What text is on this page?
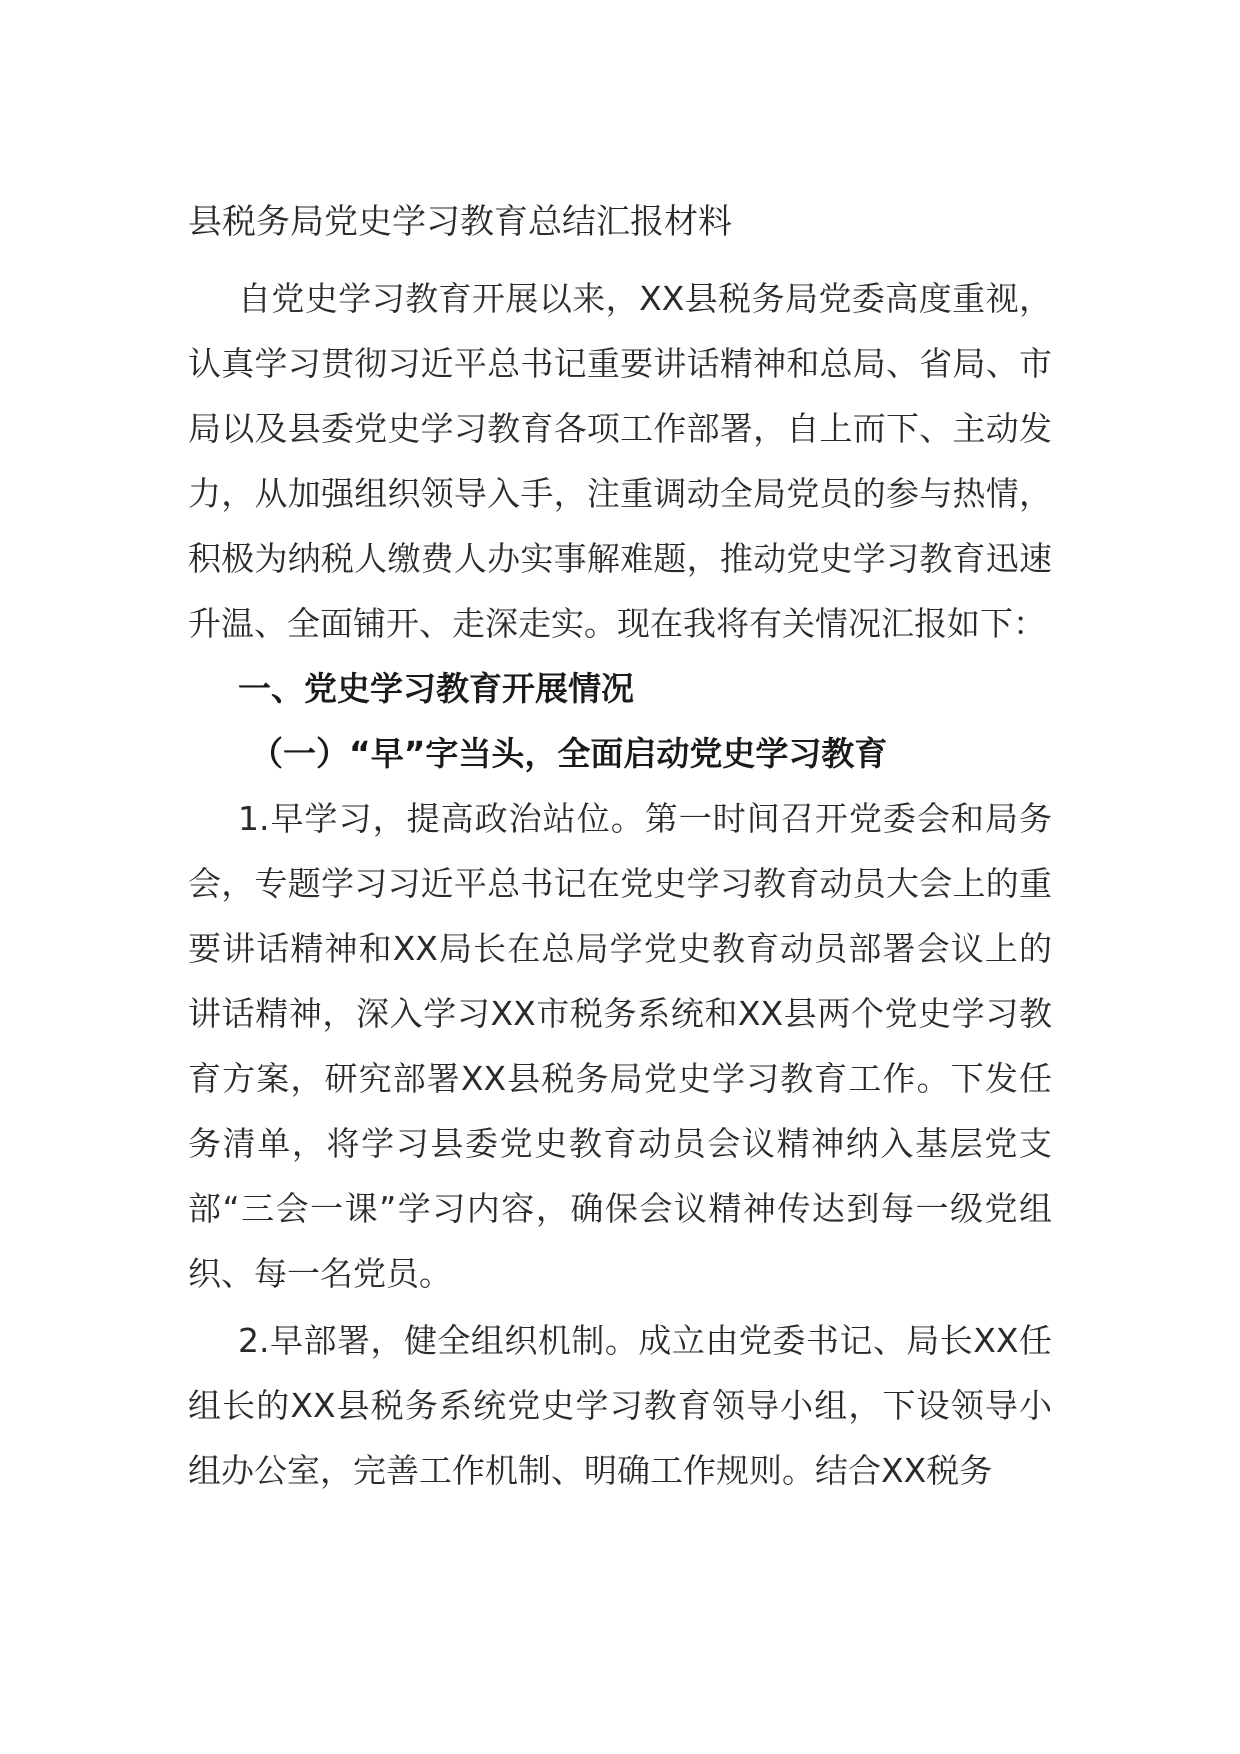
县税务局党史学习教育总结汇报材料

自党史学习教育开展以来，XX县税务局党委高度重视，认真学习贯彻习近平总书记重要讲话精神和总局、省局、市局以及县委党史学习教育各项工作部署，自上而下、主动发力，从加强组织领导入手，注重调动全局党员的参与热情，积极为纳税人缴费人办实事解难题，推动党史学习教育迅速升温、全面铺开、走深走实。现在我将有关情况汇报如下：

一、党史学习教育开展情况

（一）“早”字当头，全面启动党史学习教育

1.早学习，提高政治站位。第一时间召开党委会和局务会，专题学习习近平总书记在党史学习教育动员大会上的重要讲话精神和XX局长在总局学党史教育动员部署会议上的讲话精神，深入学习XX市税务系统和XX县两个党史学习教育方案，研究部署XX县税务局党史学习教育工作。下发任务清单，将学习县委党史教育动员会议精神纳入基层党支部“三会一课”学习内容，确保会议精神传达到每一级党组织、每一名党员。

2.早部署，健全组织机制。成立由党委书记、局长XX任组长的XX县税务系统党史学习教育领导小组，下设领导小组办公室，完善工作机制、明确工作规则。结合XX税务
